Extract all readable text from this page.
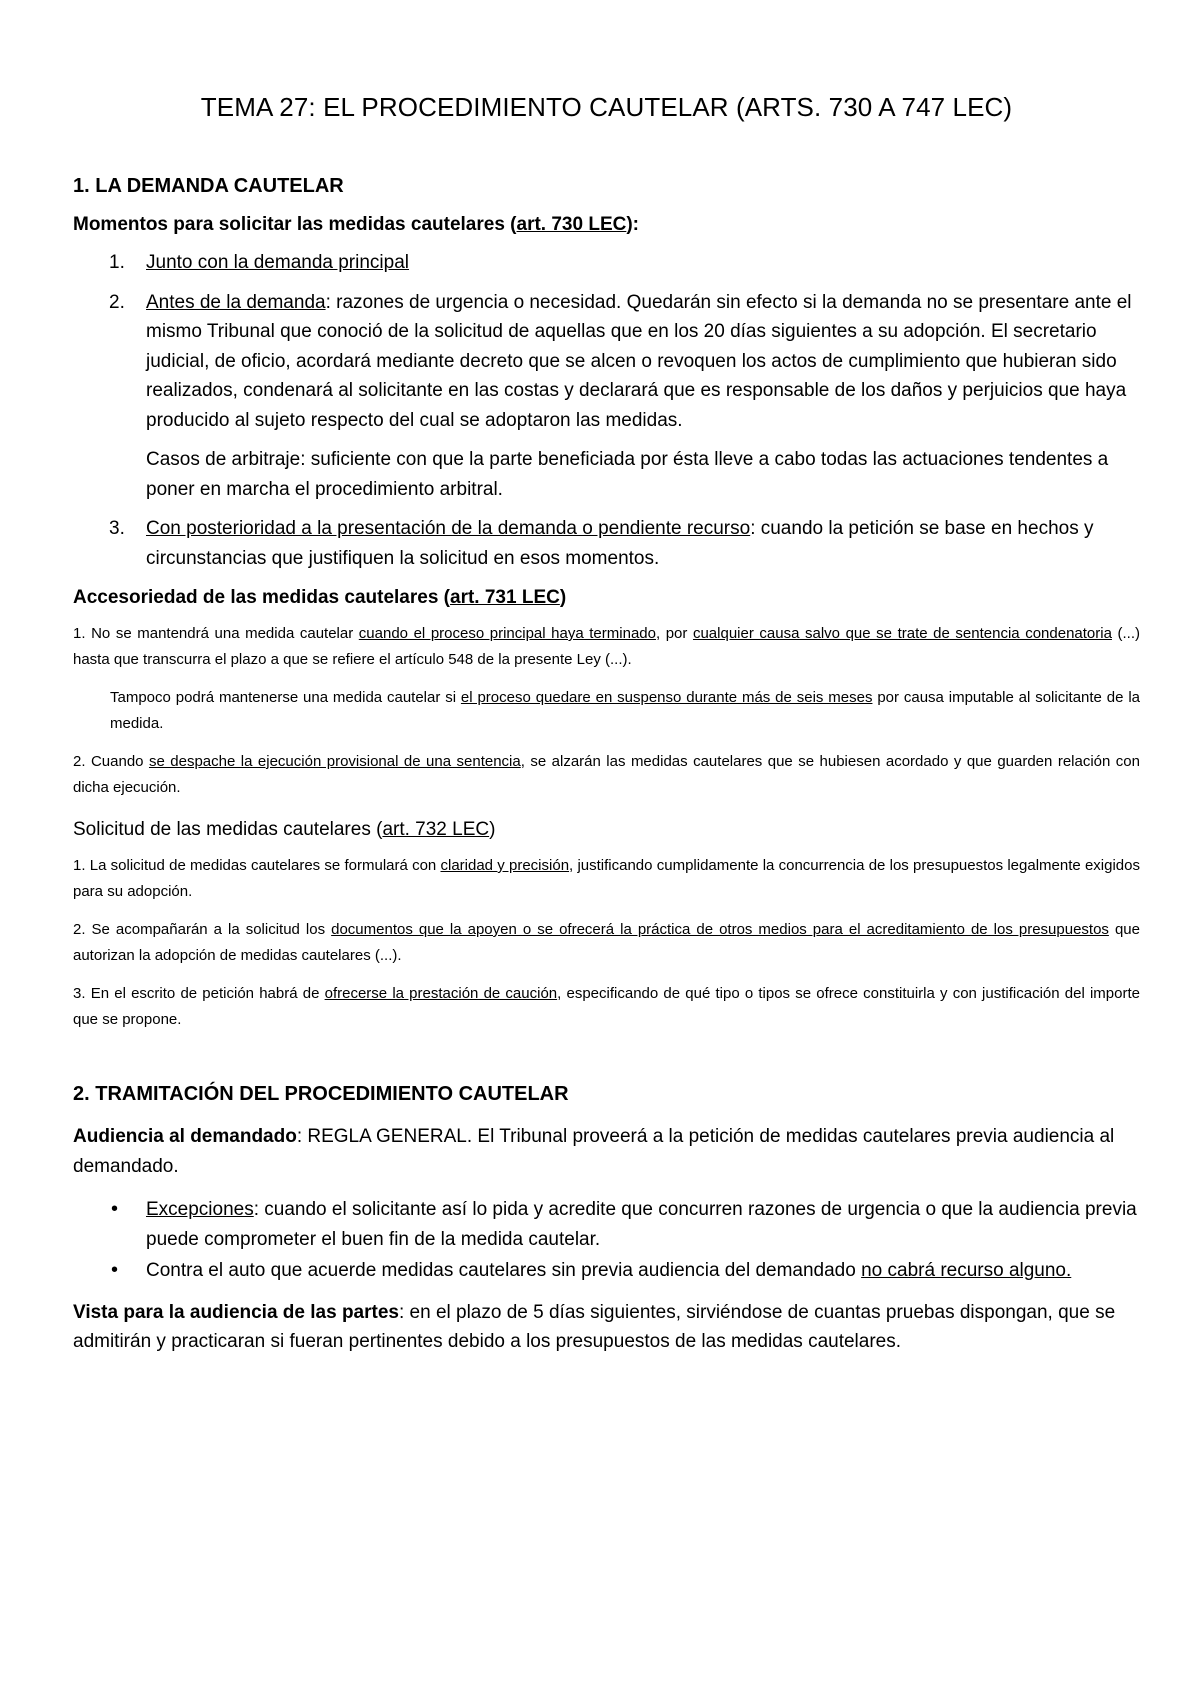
TEMA 27: EL PROCEDIMIENTO CAUTELAR (ARTS. 730 A 747 LEC)
1. LA DEMANDA CAUTELAR
Momentos para solicitar las medidas cautelares (art. 730 LEC):
1. Junto con la demanda principal
2. Antes de la demanda: razones de urgencia o necesidad. Quedarán sin efecto si la demanda no se presentare ante el mismo Tribunal que conoció de la solicitud de aquellas que en los 20 días siguientes a su adopción. El secretario judicial, de oficio, acordará mediante decreto que se alcen o revoquen los actos de cumplimiento que hubieran sido realizados, condenará al solicitante en las costas y declarará que es responsable de los daños y perjuicios que haya producido al sujeto respecto del cual se adoptaron las medidas.
Casos de arbitraje: suficiente con que la parte beneficiada por ésta lleve a cabo todas las actuaciones tendentes a poner en marcha el procedimiento arbitral.
3. Con posterioridad a la presentación de la demanda o pendiente recurso: cuando la petición se base en hechos y circunstancias que justifiquen la solicitud en esos momentos.
Accesoriedad de las medidas cautelares (art. 731 LEC)

1. No se mantendrá una medida cautelar cuando el proceso principal haya terminado, por cualquier causa salvo que se trate de sentencia condenatoria (...) hasta que transcurra el plazo a que se refiere el artículo 548 de la presente Ley (...).

Tampoco podrá mantenerse una medida cautelar si el proceso quedare en suspenso durante más de seis meses por causa imputable al solicitante de la medida.

2. Cuando se despache la ejecución provisional de una sentencia, se alzarán las medidas cautelares que se hubiesen acordado y que guarden relación con dicha ejecución.

Solicitud de las medidas cautelares (art. 732 LEC)

1. La solicitud de medidas cautelares se formulará con claridad y precisión, justificando cumplidamente la concurrencia de los presupuestos legalmente exigidos para su adopción.

2. Se acompañarán a la solicitud los documentos que la apoyen o se ofrecerá la práctica de otros medios para el acreditamiento de los presupuestos que autorizan la adopción de medidas cautelares (...).

3. En el escrito de petición habrá de ofrecerse la prestación de caución, especificando de qué tipo o tipos se ofrece constituirla y con justificación del importe que se propone.

2. TRAMITACIÓN DEL PROCEDIMIENTO CAUTELAR

Audiencia al demandado: REGLA GENERAL. El Tribunal proveerá a la petición de medidas cautelares previa audiencia al demandado.

• Excepciones: cuando el solicitante así lo pida y acredite que concurren razones de urgencia o que la audiencia previa puede comprometer el buen fin de la medida cautelar.
• Contra el auto que acuerde medidas cautelares sin previa audiencia del demandado no cabrá recurso alguno.

Vista para la audiencia de las partes: en el plazo de 5 días siguientes, sirviéndose de cuantas pruebas dispongan, que se admitirán y practicaran si fueran pertinentes debido a los presupuestos de las medidas cautelares.
